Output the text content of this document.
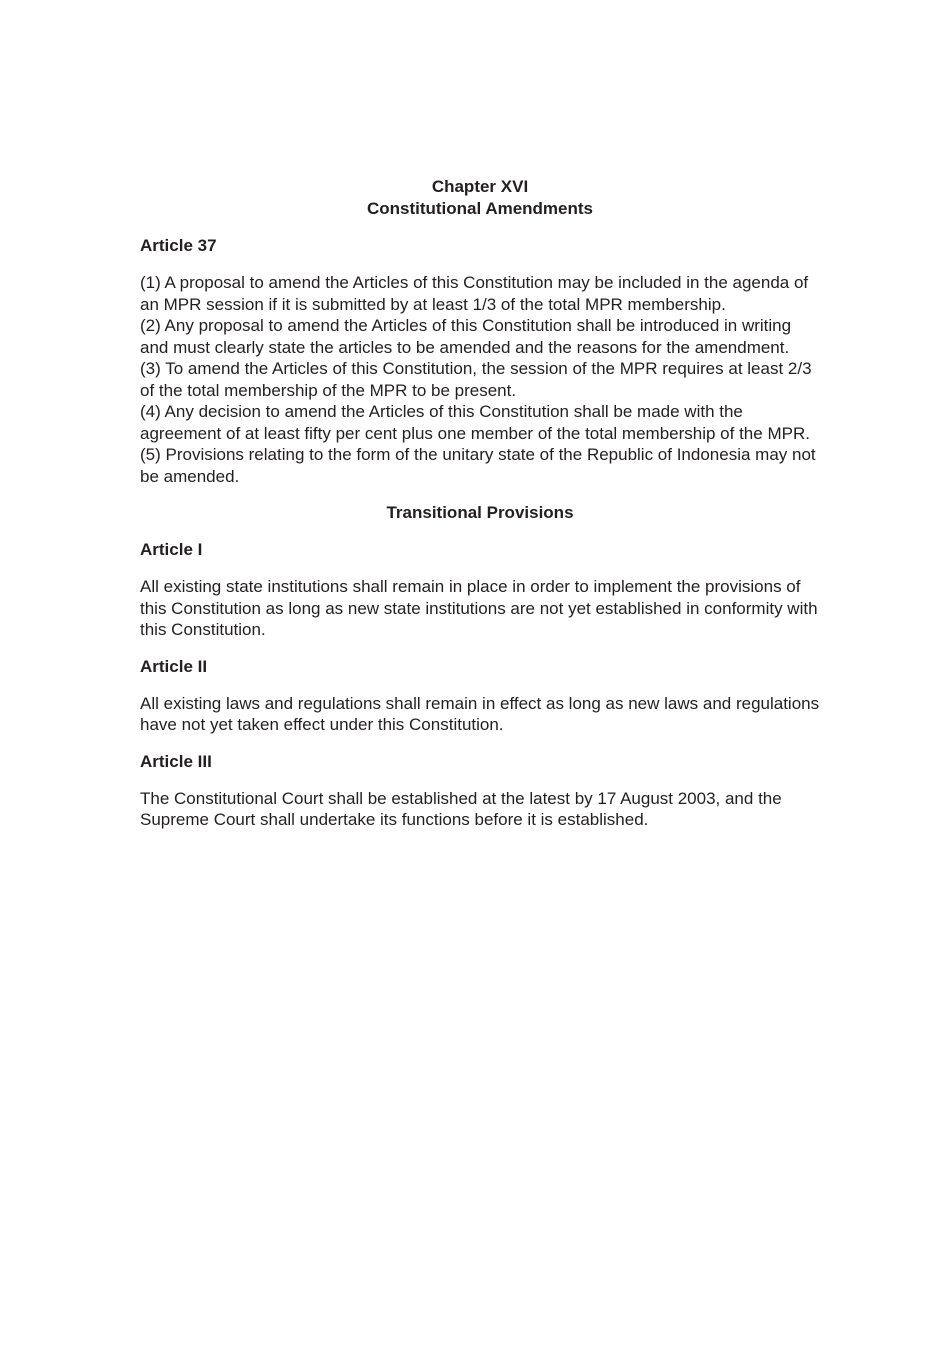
Chapter XVI

Constitutional Amendments

Article 37

(1) A proposal to amend the Articles of this Constitution may be included in the agenda of an MPR session if it is submitted by at least 1/3 of the total MPR membership.

(2) Any proposal to amend the Articles of this Constitution shall be introduced in writing and must clearly state the articles to be amended and the reasons for the amendment.

(3) To amend the Articles of this Constitution, the session of the MPR requires at least 2/3 of the total membership of the MPR to be present.

(4) Any decision to amend the Articles of this Constitution shall be made with the agreement of at least fifty per cent plus one member of the total membership of the MPR.

(5) Provisions relating to the form of the unitary state of the Republic of Indonesia may not be amended.

Transitional Provisions

Article I

All existing state institutions shall remain in place in order to implement the provisions of this Constitution as long as new state institutions are not yet established in conformity with this Constitution.

Article II

All existing laws and regulations shall remain in effect as long as new laws and regulations have not yet taken effect under this Constitution.

Article III

The Constitutional Court shall be established at the latest by 17 August 2003, and the Supreme Court shall undertake its functions before it is established.
